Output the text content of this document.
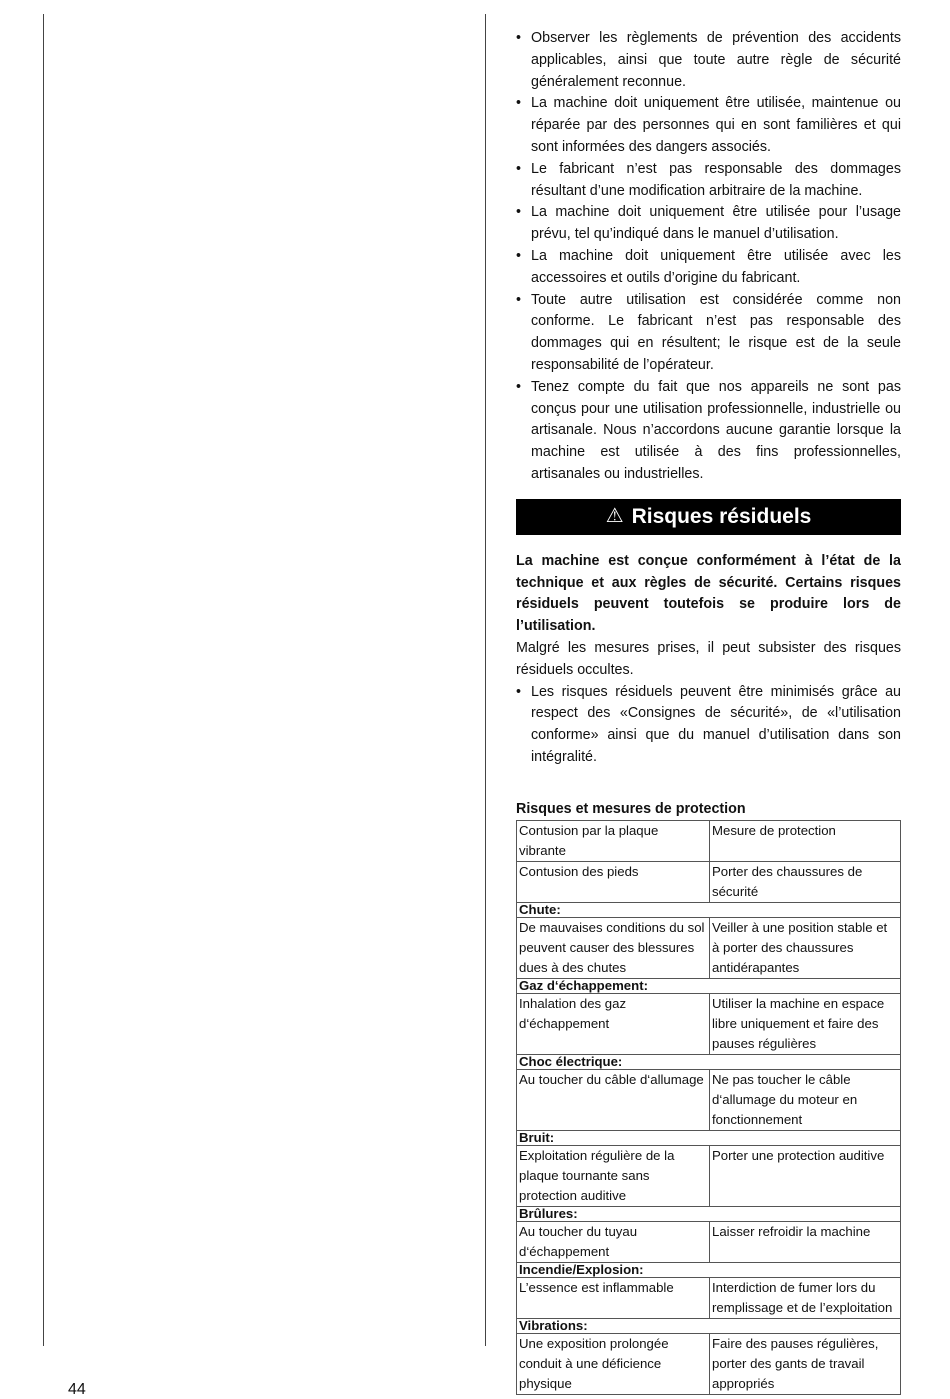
• Observer les règlements de prévention des accidents applicables, ainsi que toute autre règle de sécurité généralement reconnue.
• La machine doit uniquement être utilisée, maintenue ou réparée par des personnes qui en sont familières et qui sont informées des dangers associés.
• Le fabricant n’est pas responsable des dommages résultant d’une modification arbitraire de la machine.
• La machine doit uniquement être utilisée pour l’usage prévu, tel qu’indiqué dans le manuel d’utilisation.
• La machine doit uniquement être utilisée avec les accessoires et outils d’origine du fabricant.
• Toute autre utilisation est considérée comme non conforme. Le fabricant n’est pas responsable des dommages qui en résultent; le risque est de la seule responsabilité de l’opérateur.
• Tenez compte du fait que nos appareils ne sont pas conçus pour une utilisation professionnelle, industrielle ou artisanale. Nous n’accordons aucune garantie lorsque la machine est utilisée à des fins professionnelles, artisanales ou industrielles.
⚠ Risques résiduels
La machine est conçue conformément à l’état de la technique et aux règles de sécurité. Certains risques résiduels peuvent toutefois se produire lors de l’utilisation.
Malgré les mesures prises, il peut subsister des risques résiduels occultes.
• Les risques résiduels peuvent être minimisés grâce au respect des «Consignes de sécurité», de «l’utilisation conforme» ainsi que du manuel d’utilisation dans son intégralité.
Risques et mesures de protection
Contusion par la plaque vibrante	Mesure de protection
Contusion des pieds	Porter des chaussures de sécurité
Chute:	
De mauvaises conditions du sol peuvent causer des blessures dues à des chutes	Veiller à une position stable et à porter des chaussures antidérapantes
Gaz d‘échappement:	
Inhalation des gaz d‘échappement	Utiliser la machine en espace libre uniquement et faire des pauses régulières
Choc électrique:	
Au toucher du câble d‘allumage	Ne pas toucher le câble d‘allumage du moteur en fonctionnement
Bruit:	
Exploitation régulière de la plaque tournante sans protection auditive	Porter une protection auditive
Brûlures:	
Au toucher du tuyau d‘échappement	Laisser refroidir la machine
Incendie/Explosion:	
L’essence est inflammable	Interdiction de fumer lors du remplissage et de l’exploitation
Vibrations:	
Une exposition prolongée conduit à une déficience physique	Faire des pauses régulières, porter des gants de travail appropriés
44
